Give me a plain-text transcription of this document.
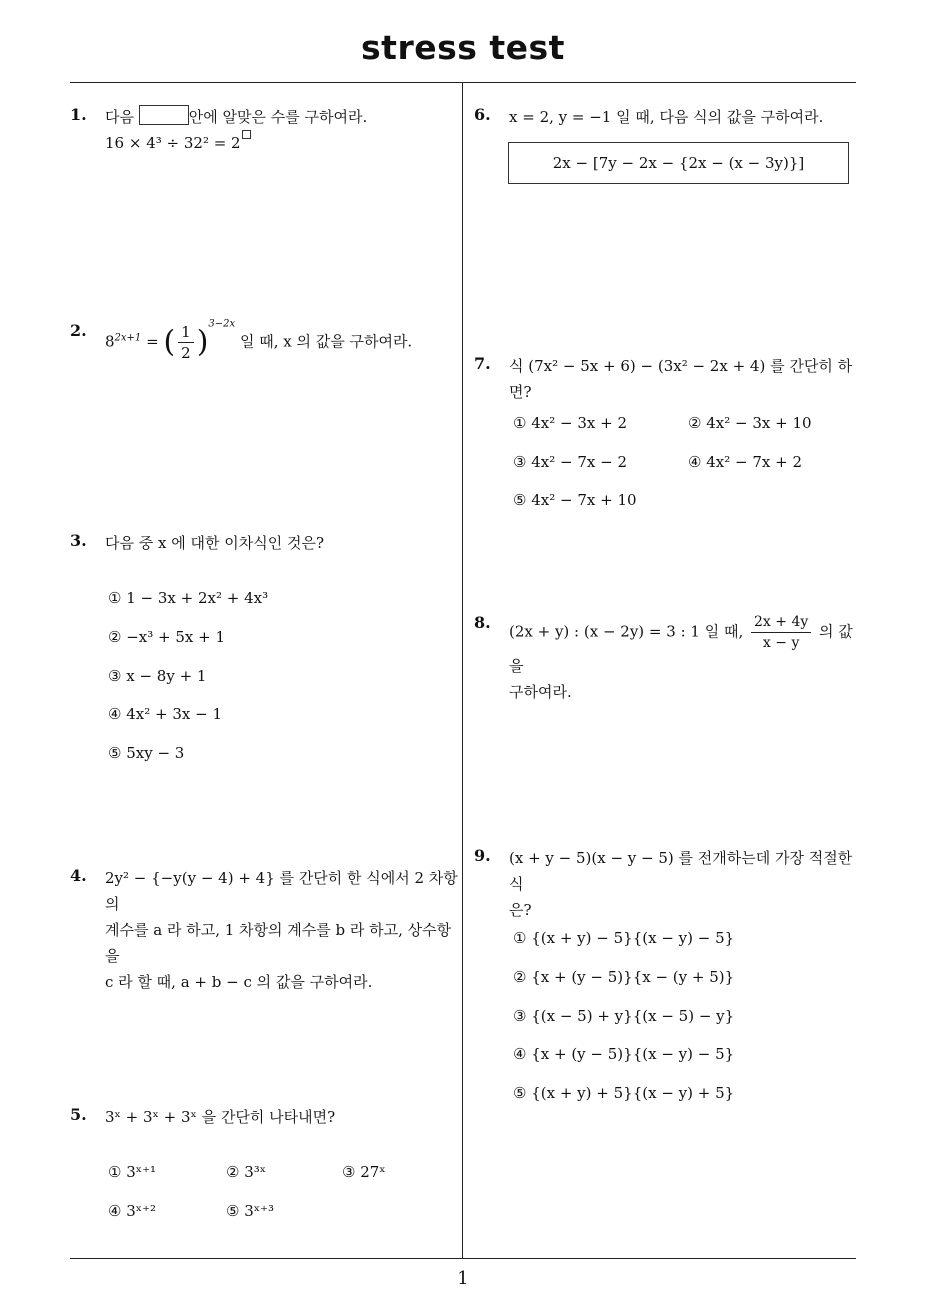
stress test
1
1. 다음	안에 알맞은 수를 구하여라.
16 × 4³ ÷ 32² = 2
2.
$8^{2x+1}$ = ( $\frac{1}{2} )^{3-2x}$ 일 때, x 의 값을 구하여라.
3. 다음 중 x 에 대한 이차식인 것은?
① 1 − 3x + 2x² + 4x³
② −x³ + 5x + 1
③ x − 8y + 1
④ 4x² + 3x − 1
⑤ 5xy − 3
4. 2y² − {−y(y − 4) + 4} 를 간단히 한 식에서 2 차항의
계수를 a 라 하고, 1 차항의 계수를 b 라 하고, 상수항을
c 라 할 때, a + b − c 의 값을 구하여라.
5. 3ˣ + 3ˣ + 3ˣ 을 간단히 나타내면?
① 3ˣ⁺¹	② 3³ˣ	③ 27ˣ
④ 3ˣ⁺²	⑤ 3ˣ⁺³
6. x = 2, y = −1 일 때, 다음 식의 값을 구하여라.
2x − [7y − 2x − {2x − (x − 3y)}]
7. 식 (7x² − 5x + 6) − (3x² − 2x + 4) 를 간단히 하면?
① 4x² − 3x + 2	② 4x² − 3x + 10
③ 4x² − 7x − 2	④ 4x² − 7x + 2
⑤ 4x² − 7x + 10
8. (2x + y) : (x − 2y) = 3 : 1 일 때, $\frac{2x + 4y}{x - y}$ 의 값을
구하여라.
9. (x + y − 5)(x − y − 5) 를 전개하는데 가장 적절한 식
은?
① {(x + y) − 5}{(x − y) − 5}
② {x + (y − 5)}{x − (y + 5)}
③ {(x − 5) + y}{(x − 5) − y}
④ {x + (y − 5)}{(x − y) − 5}
⑤ {(x + y) + 5}{(x − y) + 5}
